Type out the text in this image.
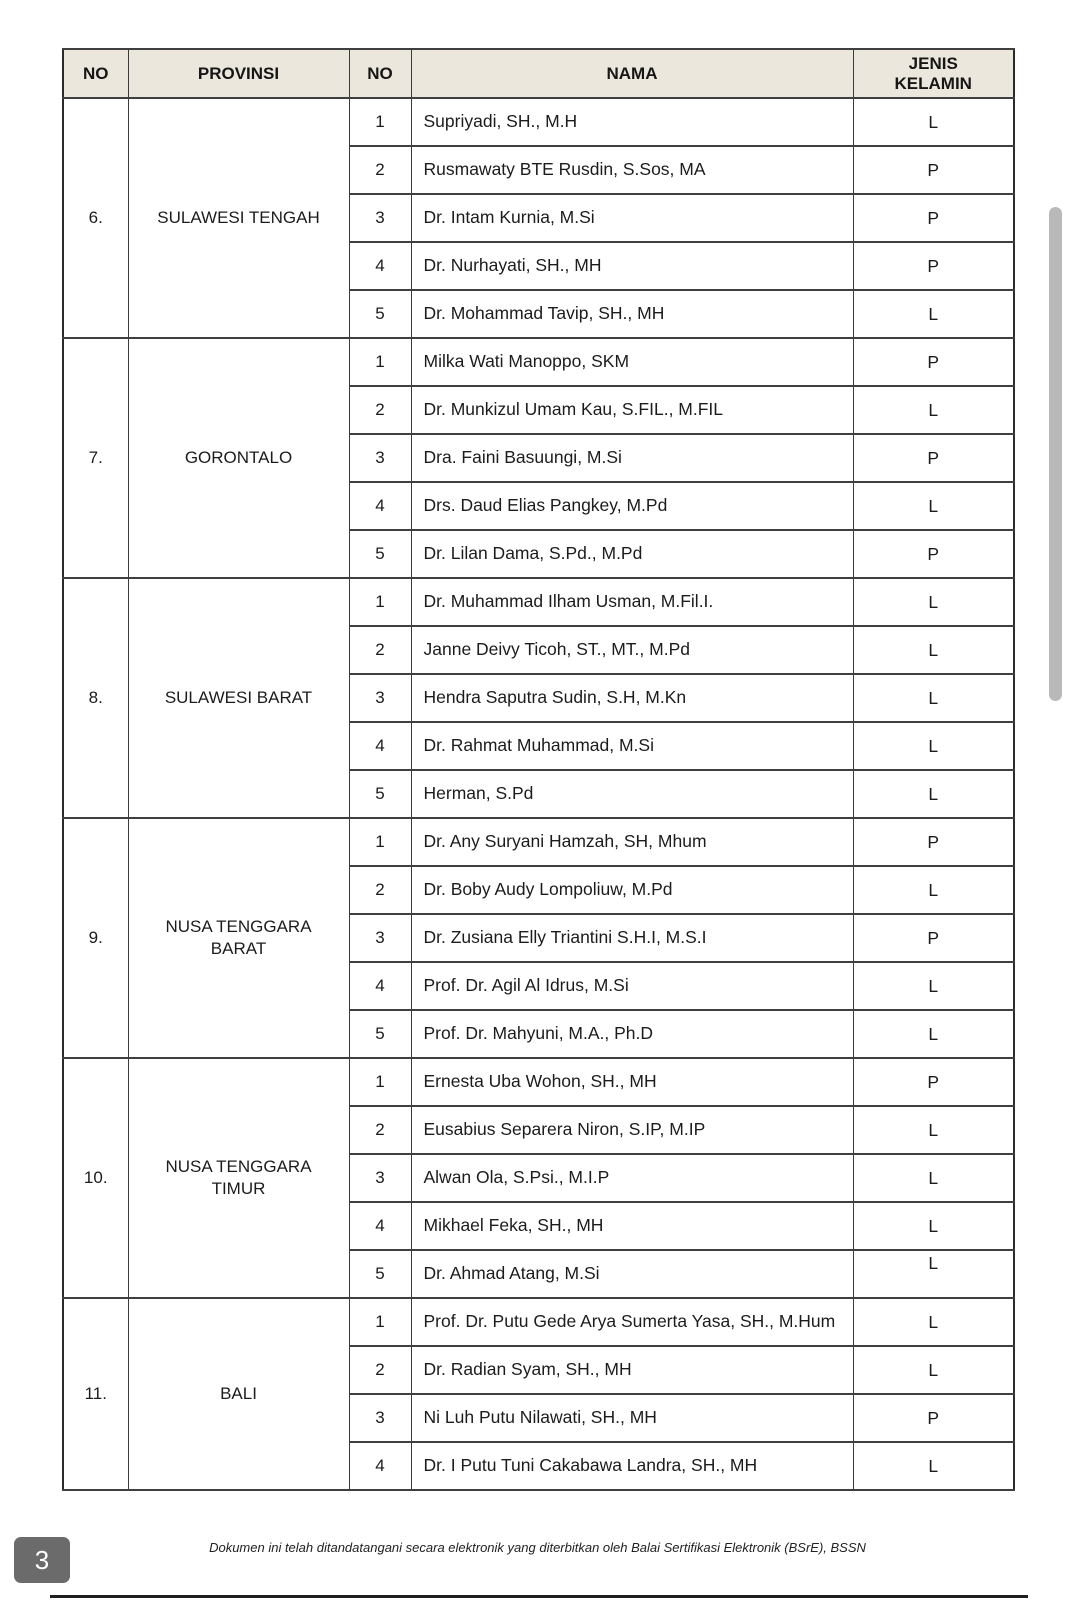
NO	PROVINSI	NO	NAMA	JENIS KELAMIN
6.	SULAWESI TENGAH	1	Supriyadi, SH., M.H	L
		2	Rusmawaty BTE Rusdin, S.Sos, MA	P
		3	Dr. Intam Kurnia, M.Si	P
		4	Dr. Nurhayati, SH., MH	P
		5	Dr. Mohammad Tavip, SH., MH	L
7.	GORONTALO	1	Milka Wati Manoppo, SKM	P
		2	Dr. Munkizul Umam Kau, S.FIL., M.FIL	L
		3	Dra. Faini Basuungi, M.Si	P
		4	Drs. Daud Elias Pangkey, M.Pd	L
		5	Dr. Lilan Dama, S.Pd., M.Pd	P
8.	SULAWESI BARAT	1	Dr. Muhammad Ilham Usman, M.Fil.I.	L
		2	Janne Deivy Ticoh, ST., MT., M.Pd	L
		3	Hendra Saputra Sudin, S.H, M.Kn	L
		4	Dr. Rahmat Muhammad, M.Si	L
		5	Herman, S.Pd	L
9.	NUSA TENGGARA BARAT	1	Dr. Any Suryani Hamzah, SH, Mhum	P
		2	Dr. Boby Audy Lompoliuw, M.Pd	L
		3	Dr. Zusiana Elly Triantini S.H.I, M.S.I	P
		4	Prof. Dr. Agil Al Idrus, M.Si	L
		5	Prof. Dr. Mahyuni, M.A., Ph.D	L
10.	NUSA TENGGARA TIMUR	1	Ernesta Uba Wohon, SH., MH	P
		2	Eusabius Separera Niron, S.IP, M.IP	L
		3	Alwan Ola, S.Psi., M.I.P	L
		4	Mikhael Feka, SH., MH	L
		5	Dr. Ahmad Atang, M.Si	L
11.	BALI	1	Prof. Dr. Putu Gede Arya Sumerta Yasa, SH., M.Hum	L
		2	Dr. Radian Syam, SH., MH	L
		3	Ni Luh Putu Nilawati, SH., MH	P
		4	Dr. I Putu Tuni Cakabawa Landra, SH., MH	L
3	Dokumen ini telah ditandatangani secara elektronik yang diterbitkan oleh Balai Sertifikasi Elektronik (BSrE), BSSN
